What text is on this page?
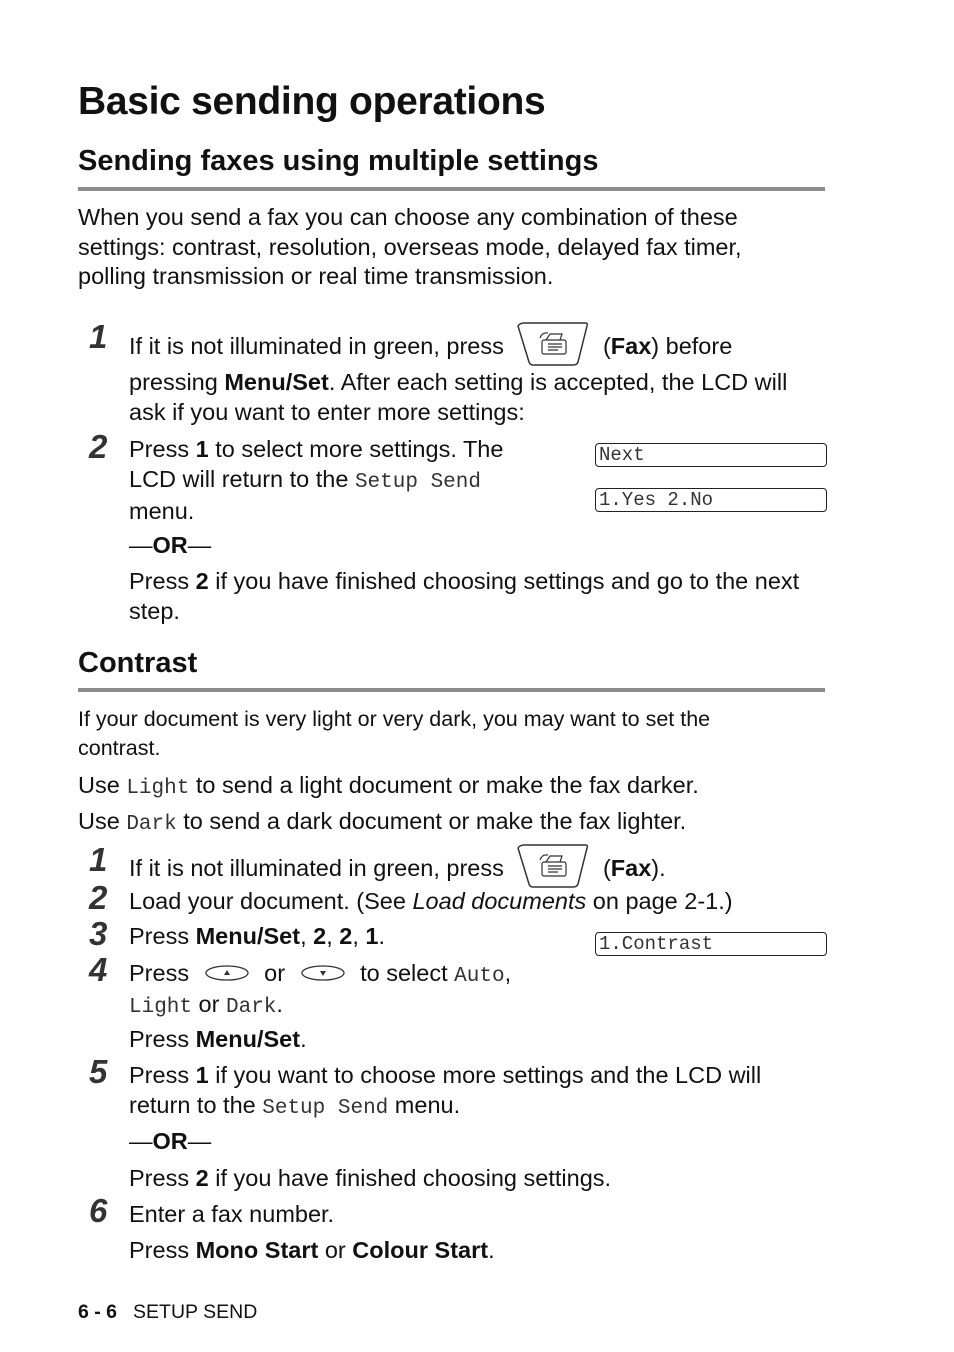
Basic sending operations
Sending faxes using multiple settings
When you send a fax you can choose any combination of these
settings: contrast, resolution, overseas mode, delayed fax timer,
polling transmission or real time transmission.
1 If it is not illuminated in green, press	(Fax) before
pressing Menu/Set. After each setting is accepted, the LCD will
ask if you want to enter more settings:
2 Press 1 to select more settings. The
LCD will return to the Setup Send
menu.
—OR—
Press 2 if you have finished choosing settings and go to the next
step.
Next
1.Yes 2.No
Contrast
If your document is very light or very dark, you may want to set the
contrast.
Use Light to send a light document or make the fax darker.
Use Dark to send a dark document or make the fax lighter.
1 If it is not illuminated in green, press	(Fax).
2 Load your document. (See Load documents on page 2-1.)
3 Press Menu/Set, 2, 2, 1.	1.Contrast
4 Press	or	to select Auto,
Light or Dark.
Press Menu/Set.
5 Press 1 if you want to choose more settings and the LCD will
return to the Setup Send menu.
—OR—
Press 2 if you have finished choosing settings.
6 Enter a fax number.
Press Mono Start or Colour Start.
6 - 6 SETUP SEND
